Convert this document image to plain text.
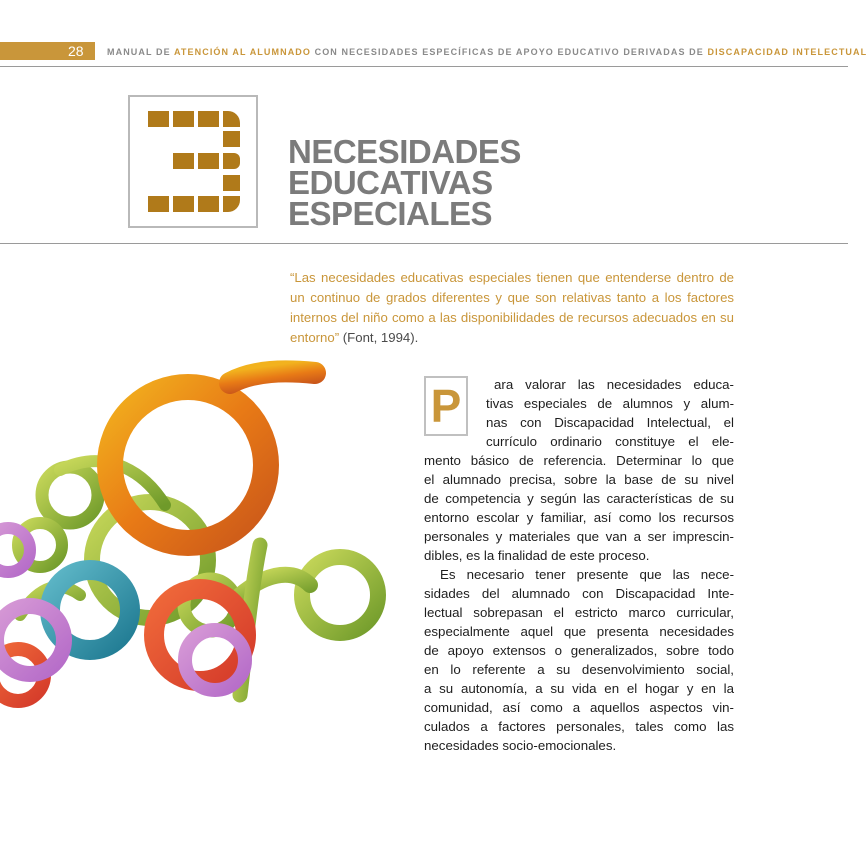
28	MANUAL DE ATENCIÓN AL ALUMNADO CON NECESIDADES ESPECÍFICAS DE APOYO EDUCATIVO DERIVADAS DE DISCAPACIDAD INTELECTUAL
NECESIDADES
EDUCATIVAS
ESPECIALES
“Las necesidades educativas especiales tienen que entenderse dentro de un continuo de grados diferentes y que son relativas tanto a los factores internos del niño como a las disponibilidades de recursos adecuados en su entorno” (Font, 1994).
P	ara valorar las necesidades educa-
tivas especiales de alumnos y alum-
nas con Discapacidad Intelectual, el
currículo ordinario constituye el ele-
mento básico de referencia. Determinar lo que
el alumnado precisa, sobre la base de su nivel
de competencia y según las características de su
entorno escolar y familiar, así como los recursos
personales y materiales que van a ser imprescin-
dibles, es la finalidad de este proceso.
Es necesario tener presente que las nece-
sidades del alumnado con Discapacidad Inte-
lectual sobrepasan el estricto marco curricular,
especialmente aquel que presenta necesidades
de apoyo extensos o generalizados, sobre todo
en lo referente a su desenvolvimiento social,
a su autonomía, a su vida en el hogar y en la
comunidad, así como a aquellos aspectos vin-
culados a factores personales, tales como las
necesidades socio-emocionales.
